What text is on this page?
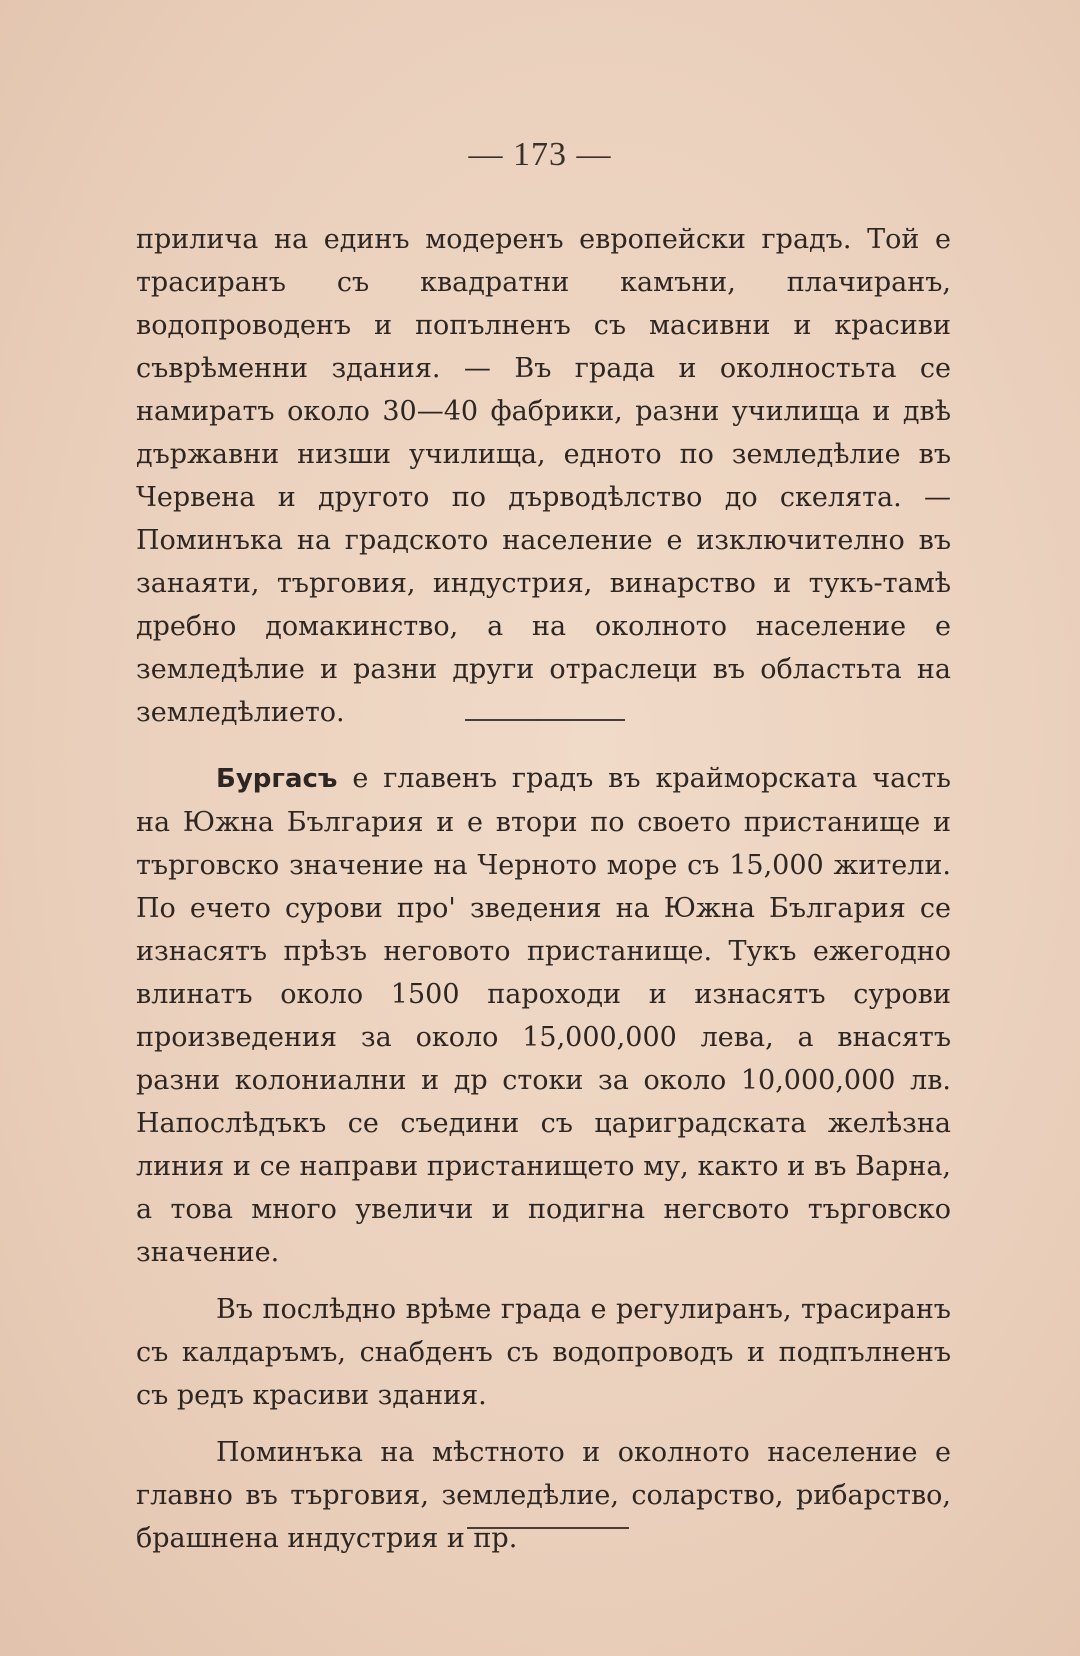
— 173 —

прилича на единъ модеренъ европейски градъ. Той е трасиранъ съ квадратни камъни, плачиранъ, водопроводенъ и попълненъ съ масивни и красиви съврѣменни здания. — Въ града и околностьта се намиратъ около 30—40 фабрики, разни училища и двѣ държавни низши училища, едното по земледѣлие въ Червена и другото по дърводѣлство до скелята. — Поминъка на градското население е изключително въ занаяти, търговия, индустрия, винарство и тукъ-тамѣ дребно домакинство, а на околното население е земледѣлие и разни други отраслеци въ областьта на земледѣлието.

Бургасъ е главенъ градъ въ крайморската часть на Южна България и е втори по своето пристанище и търговско значение на Черното море съ 15,000 жители. По ечето сурови про' зведения на Южна България се изнасятъ прѣзъ неговото пристанище. Тукъ ежегодно влинатъ около 1500 пароходи и изнасятъ сурови произведения за около 15,000,000 лева, а внасятъ разни колониални и др стоки за около 10,000,000 лв. Напослѣдъкъ се съедини съ цариградската желѣзна линия и се направи пристанището му, както и въ Варна, а това много увеличи и подигна негсвото търговско значение.

Въ послѣдно врѣме града е регулиранъ, трасиранъ съ калдаръмъ, снабденъ съ водопроводъ и подпълненъ съ редъ красиви здания.

Поминъка на мѣстното и околното население е главно въ търговия, земледѣлие, соларство, рибарство, брашнена индустрия и пр.
